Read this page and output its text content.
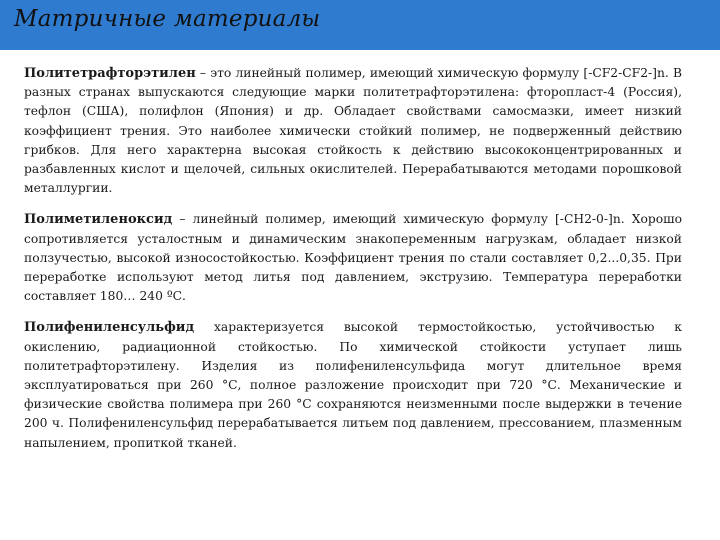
Матричные материалы

Политетрафторэтилен – это линейный полимер, имеющий химическую формулу [-CF2-CF2-]n. В разных странах выпускаются следующие марки политетрафторэтилена: фторопласт-4 (Россия), тефлон (США), полифлон (Япония) и др. Обладает свойствами самосмазки, имеет низкий коэффициент трения. Это наиболее химически стойкий полимер, не подверженный действию грибков. Для него характерна высокая стойкость к действию высококонцентрированных и разбавленных кислот и щелочей, сильных окислителей. Перерабатываются методами порошковой металлургии.

Полиметиленоксид – линейный полимер, имеющий химическую формулу [-CH2-0-]n. Хорошо сопротивляется усталостным и динамическим знакопеременным нагрузкам, обладает низкой ползучестью, высокой износостойкостью. Коэффициент трения по стали составляет 0,2...0,35. При переработке используют метод литья под давлением, экструзию. Температура переработки составляет 180… 240 ºС.

Полифениленсульфид характеризуется высокой термостойкостью, устойчивостью к окислению, радиационной стойкостью. По химической стойкости уступает лишь политетрафторэтилену. Изделия из полифениленсульфида могут длительное время эксплуатироваться при 260 °С, полное разложение происходит при 720 °С. Механические и физические свойства полимера при 260 °С сохраняются неизменными после выдержки в течение 200 ч. Полифениленсульфид перерабатывается литьем под давлением, прессованием, плазменным напылением, пропиткой тканей.
